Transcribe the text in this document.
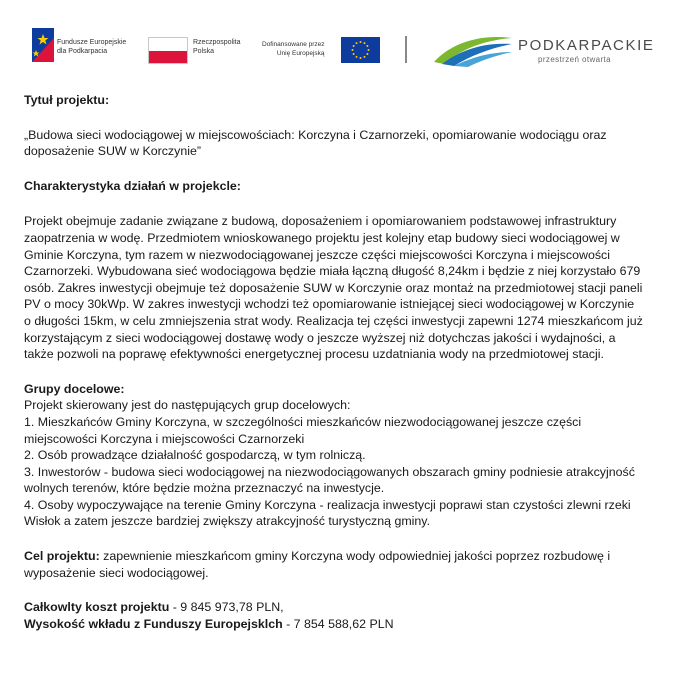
Fundusze Europejskie
dla Podkarpacia
Rzeczpospolita
Polska
Dofinansowane przez
Unię Europejską	PODKARPACKIE
przestrzeń otwarta
Tytuł projektu:

„Budowa sieci wodociągowej w miejscowościach: Korczyna i Czarnorzeki, opomiarowanie wodociągu oraz doposażenie SUW w Korczynie”

Charakterystyka działań w projekcle:

Projekt obejmuje zadanie związane z budową, doposażeniem i opomiarowaniem podstawowej infrastruktury zaopatrzenia w wodę. Przedmiotem wnioskowanego projektu jest kolejny etap budowy sieci wodociągowej w Gminie Korczyna, tym razem w niezwodociągowanej jeszcze części miejscowości Korczyna i miejscowości Czarnorzeki. Wybudowana sieć wodociągowa będzie miała łączną długość 8,24km i będzie z niej korzystało 679 osób. Zakres inwestycji obejmuje też doposażenie SUW w Korczynie oraz montaż na przedmiotowej stacji paneli PV o mocy 30kWp. W zakres inwestycji wchodzi też opomiarowanie istniejącej sieci wodociągowej w Korczynie o długości 15km, w celu zmniejszenia strat wody. Realizacja tej części inwestycji zapewni 1274 mieszkańcom już korzystającym z sieci wodociągowej dostawę wody o jeszcze wyższej niż dotychczas jakości i wydajności, a także pozwoli na poprawę efektywności energetycznej procesu uzdatniania wody na przedmiotowej stacji.

Grupy docelowe:

Projekt skierowany jest do następujących grup docelowych:

1. Mieszkańców Gminy Korczyna, w szczególności mieszkańców niezwodociągowanej jeszcze części miejscowości Korczyna i miejscowości Czarnorzeki

2. Osób prowadzące działalność gospodarczą, w tym rolniczą.

3. Inwestorów - budowa sieci wodociągowej na niezwodociągowanych obszarach gminy podniesie atrakcyjność wolnych terenów, które będzie można przeznaczyć na inwestycje.

4. Osoby wypoczywające na terenie Gminy Korczyna - realizacja inwestycji poprawi stan czystości zlewni rzeki Wisłok a zatem jeszcze bardziej zwiększy atrakcyjność turystyczną gminy.

Cel projektu: zapewnienie mieszkańcom gminy Korczyna wody odpowiedniej jakości poprzez rozbudowę i wyposażenie sieci wodociągowej.

Całkowlty koszt projektu - 9 845 973,78 PLN,

Wysokość wkładu z Funduszy Europejsklch - 7 854 588,62 PLN
